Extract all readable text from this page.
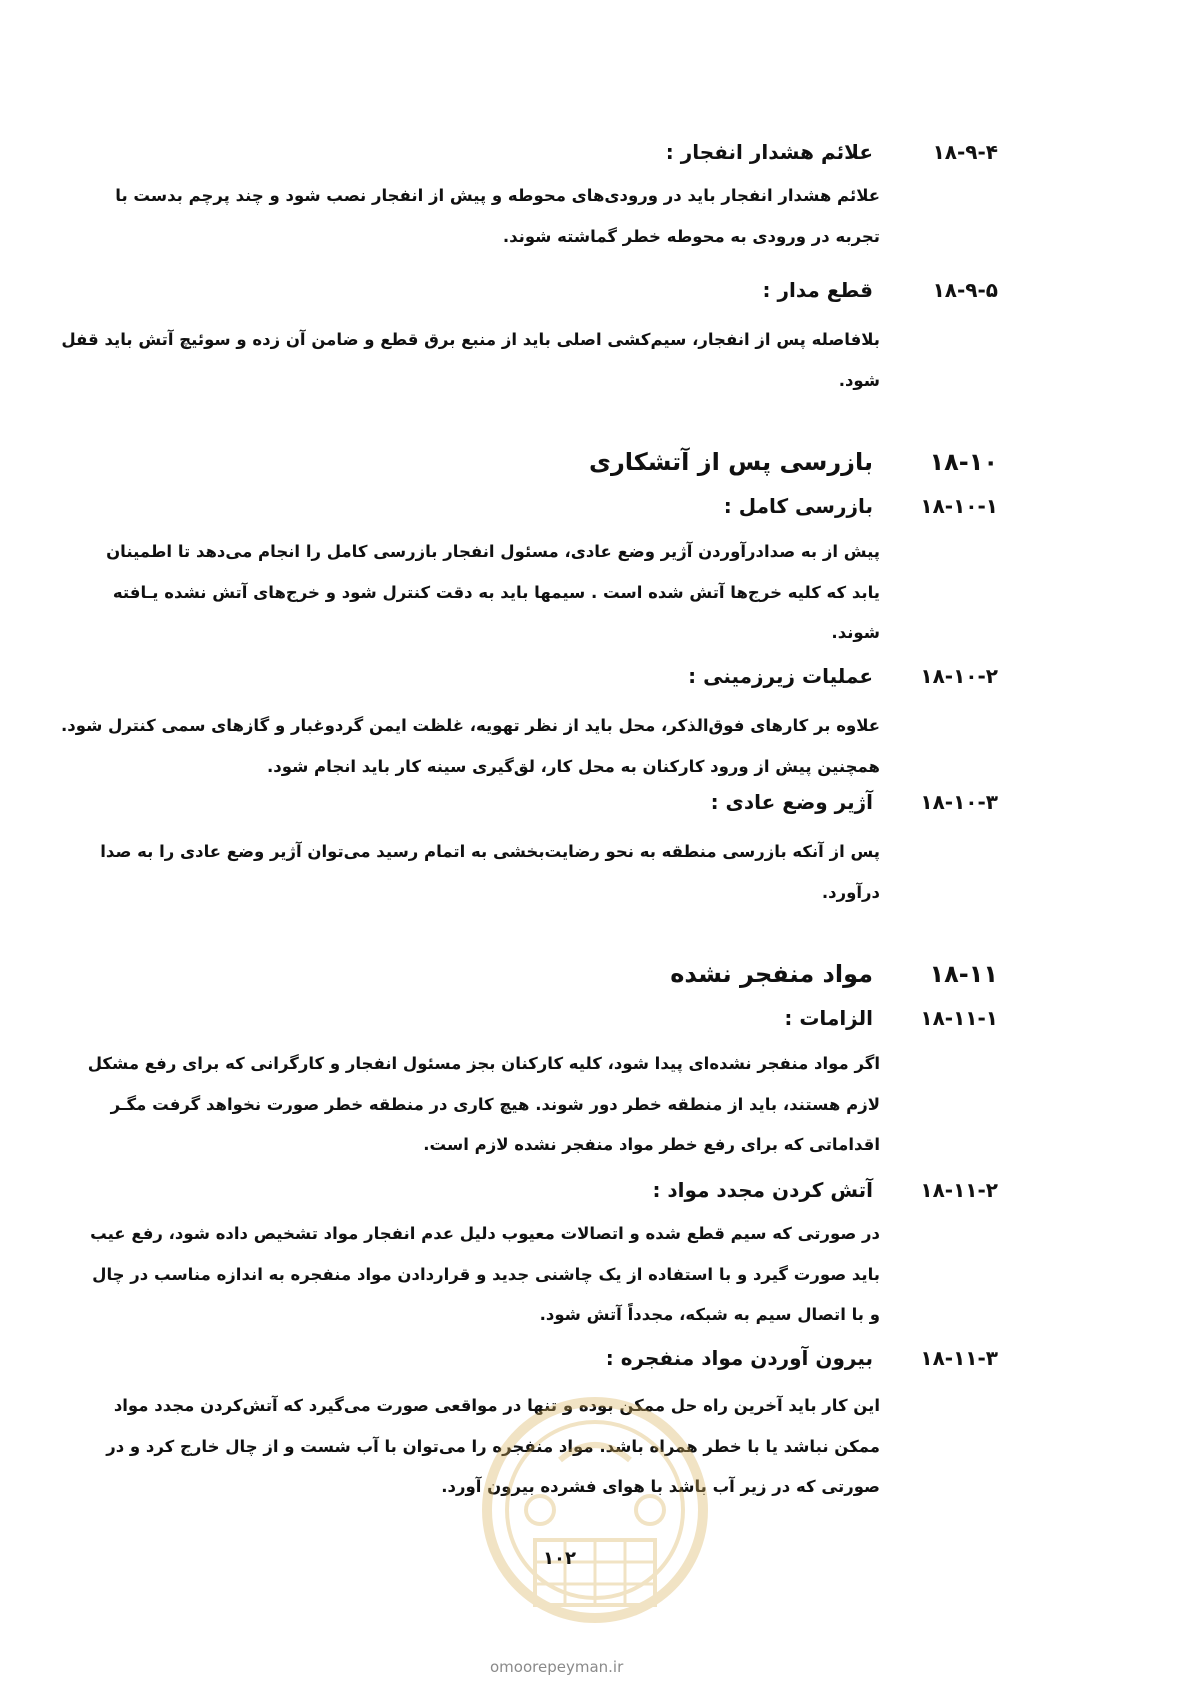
۱۸-۹-۴
علائم هشدار انفجار :
علائم هشدار انفجار باید در ورودی‌های محوطه و پیش از انفجار نصب شود و چند پرچم بدست با
تجربه در ورودی به محوطه خطر گماشته شوند.
۱۸-۹-۵
قطع مدار :
بلافاصله پس از انفجار، سیم‌کشی اصلی باید از منبع برق قطع و ضامن آن زده و سوئیچ آتش باید قفل
شود.
۱۸-۱۰
بازرسی پس از آتشکاری
۱۸-۱۰-۱
بازرسی کامل :
پیش از به صدادرآوردن آژیر وضع عادی، مسئول انفجار بازرسی کامل را انجام می‌دهد تا اطمینان
یابد که کلیه خرج‌ها آتش شده است . سیمها باید به دقت کنترل شود و خرج‌های آتش نشده یـافته
شوند.
۱۸-۱۰-۲
عملیات زیرزمینی :
علاوه بر کارهای فوق‌الذکر، محل باید از نظر تهویه، غلظت ایمن گردوغبار و گازهای سمی کنترل شود.
همچنین پیش از ورود کارکنان به محل کار، لق‌گیری سینه کار باید انجام شود.
۱۸-۱۰-۳
آژیر وضع عادی :
پس از آنکه بازرسی منطقه به نحو رضایت‌بخشی به اتمام رسید می‌توان آژیر وضع عادی را به صدا
درآورد.
۱۸-۱۱
مواد منفجر نشده
۱۸-۱۱-۱
الزامات :
اگر مواد منفجر نشده‌ای پیدا شود، کلیه کارکنان بجز مسئول انفجار و کارگرانی که برای رفع مشکل
لازم هستند، باید از منطقه خطر دور شوند. هیچ کاری در منطقه خطر صورت نخواهد گرفت مگـر
اقداماتی که برای رفع خطر مواد منفجر نشده لازم است.
۱۸-۱۱-۲
آتش کردن مجدد مواد :
در صورتی که سیم قطع شده و اتصالات معیوب دلیل عدم انفجار مواد تشخیص داده شود، رفع عیب
باید صورت گیرد و با استفاده از یک چاشنی جدید و قراردادن مواد منفجره به اندازه مناسب در چال
و با اتصال سیم به شبکه، مجدداً آتش شود.
۱۸-۱۱-۳
بیرون آوردن مواد منفجره :
این کار باید آخرین راه حل ممکن بوده و تنها در مواقعی صورت می‌گیرد که آتش‌کردن مجدد مواد
ممکن نباشد یا با خطر همراه باشد. مواد منفجره را می‌توان با آب شست و از چال خارج کرد و در
صورتی که در زیر آب باشد با هوای فشرده بیرون آورد.
۱۰۲
omoorepeyman.ir
